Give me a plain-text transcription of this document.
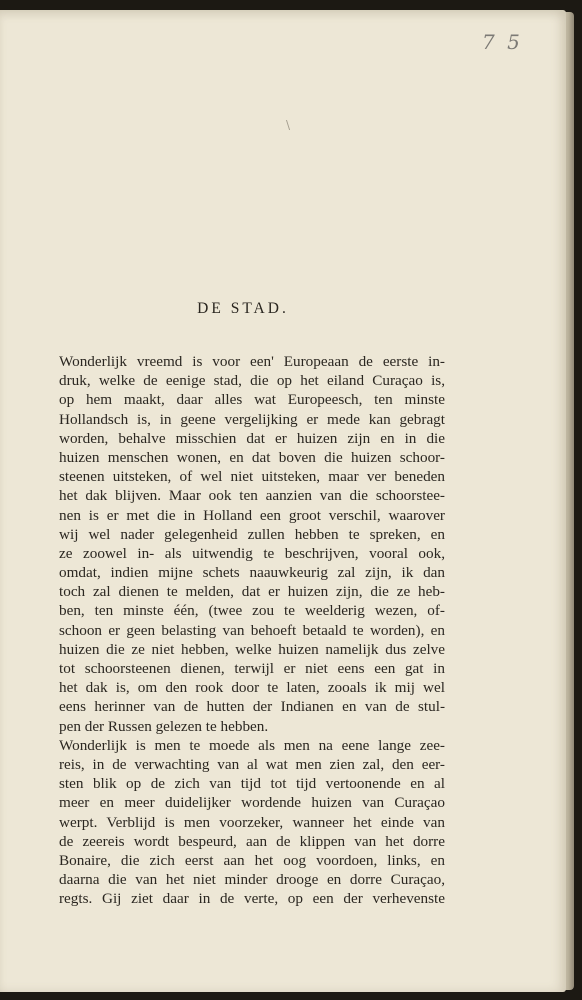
7 5
\
DE STAD.
Wonderlijk vreemd is voor een' Europeaan de eerste in-
druk, welke de eenige stad, die op het eiland Curaçao is,
op hem maakt, daar alles wat Europeesch, ten minste
Hollandsch is, in geene vergelijking er mede kan gebragt
worden, behalve misschien dat er huizen zijn en in die
huizen menschen wonen, en dat boven die huizen schoor-
steenen uitsteken, of wel niet uitsteken, maar ver beneden
het dak blijven. Maar ook ten aanzien van die schoorstee-
nen is er met die in Holland een groot verschil, waarover
wij wel nader gelegenheid zullen hebben te spreken, en
ze zoowel in- als uitwendig te beschrijven, vooral ook,
omdat, indien mijne schets naauwkeurig zal zijn, ik dan
toch zal dienen te melden, dat er huizen zijn, die ze heb-
ben, ten minste één, (twee zou te weelderig wezen, of-
schoon er geen belasting van behoeft betaald te worden), en
huizen die ze niet hebben, welke huizen namelijk dus zelve
tot schoorsteenen dienen, terwijl er niet eens een gat in
het dak is, om den rook door te laten, zooals ik mij wel
eens herinner van de hutten der Indianen en van de stul-
pen der Russen gelezen te hebben.
Wonderlijk is men te moede als men na eene lange zee-
reis, in de verwachting van al wat men zien zal, den eer-
sten blik op de zich van tijd tot tijd vertoonende en al
meer en meer duidelijker wordende huizen van Curaçao
werpt. Verblijd is men voorzeker, wanneer het einde van
de zeereis wordt bespeurd, aan de klippen van het dorre
Bonaire, die zich eerst aan het oog voordoen, links, en
daarna die van het niet minder drooge en dorre Curaçao,
regts. Gij ziet daar in de verte, op een der verhevenste
